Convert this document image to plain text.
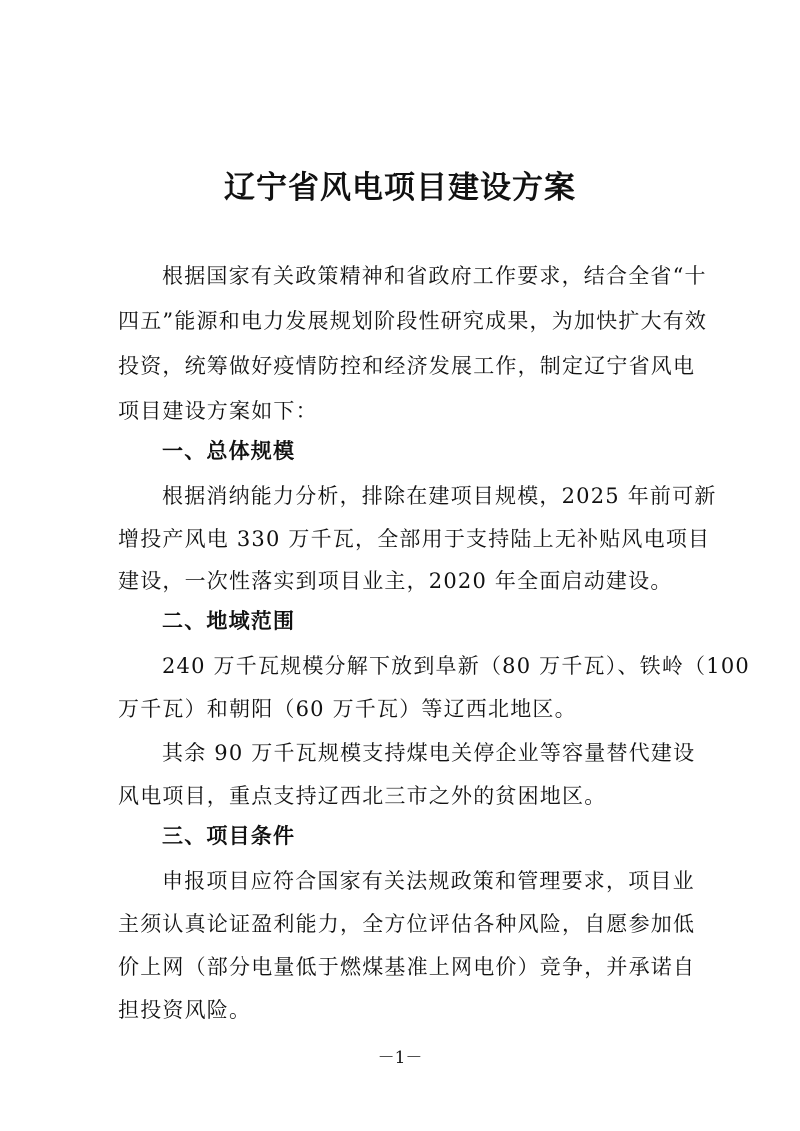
辽宁省风电项目建设方案
根据国家有关政策精神和省政府工作要求，结合全省“十
四五”能源和电力发展规划阶段性研究成果，为加快扩大有效
投资，统筹做好疫情防控和经济发展工作，制定辽宁省风电
项目建设方案如下：
一、总体规模
根据消纳能力分析，排除在建项目规模，2025 年前可新
增投产风电 330 万千瓦，全部用于支持陆上无补贴风电项目
建设，一次性落实到项目业主，2020 年全面启动建设。
二、地域范围
240 万千瓦规模分解下放到阜新（80 万千瓦）、铁岭（100
万千瓦）和朝阳（60 万千瓦）等辽西北地区。
其余 90 万千瓦规模支持煤电关停企业等容量替代建设
风电项目，重点支持辽西北三市之外的贫困地区。
三、项目条件
申报项目应符合国家有关法规政策和管理要求，项目业
主须认真论证盈利能力，全方位评估各种风险，自愿参加低
价上网（部分电量低于燃煤基准上网电价）竞争，并承诺自
担投资风险。
－1－
